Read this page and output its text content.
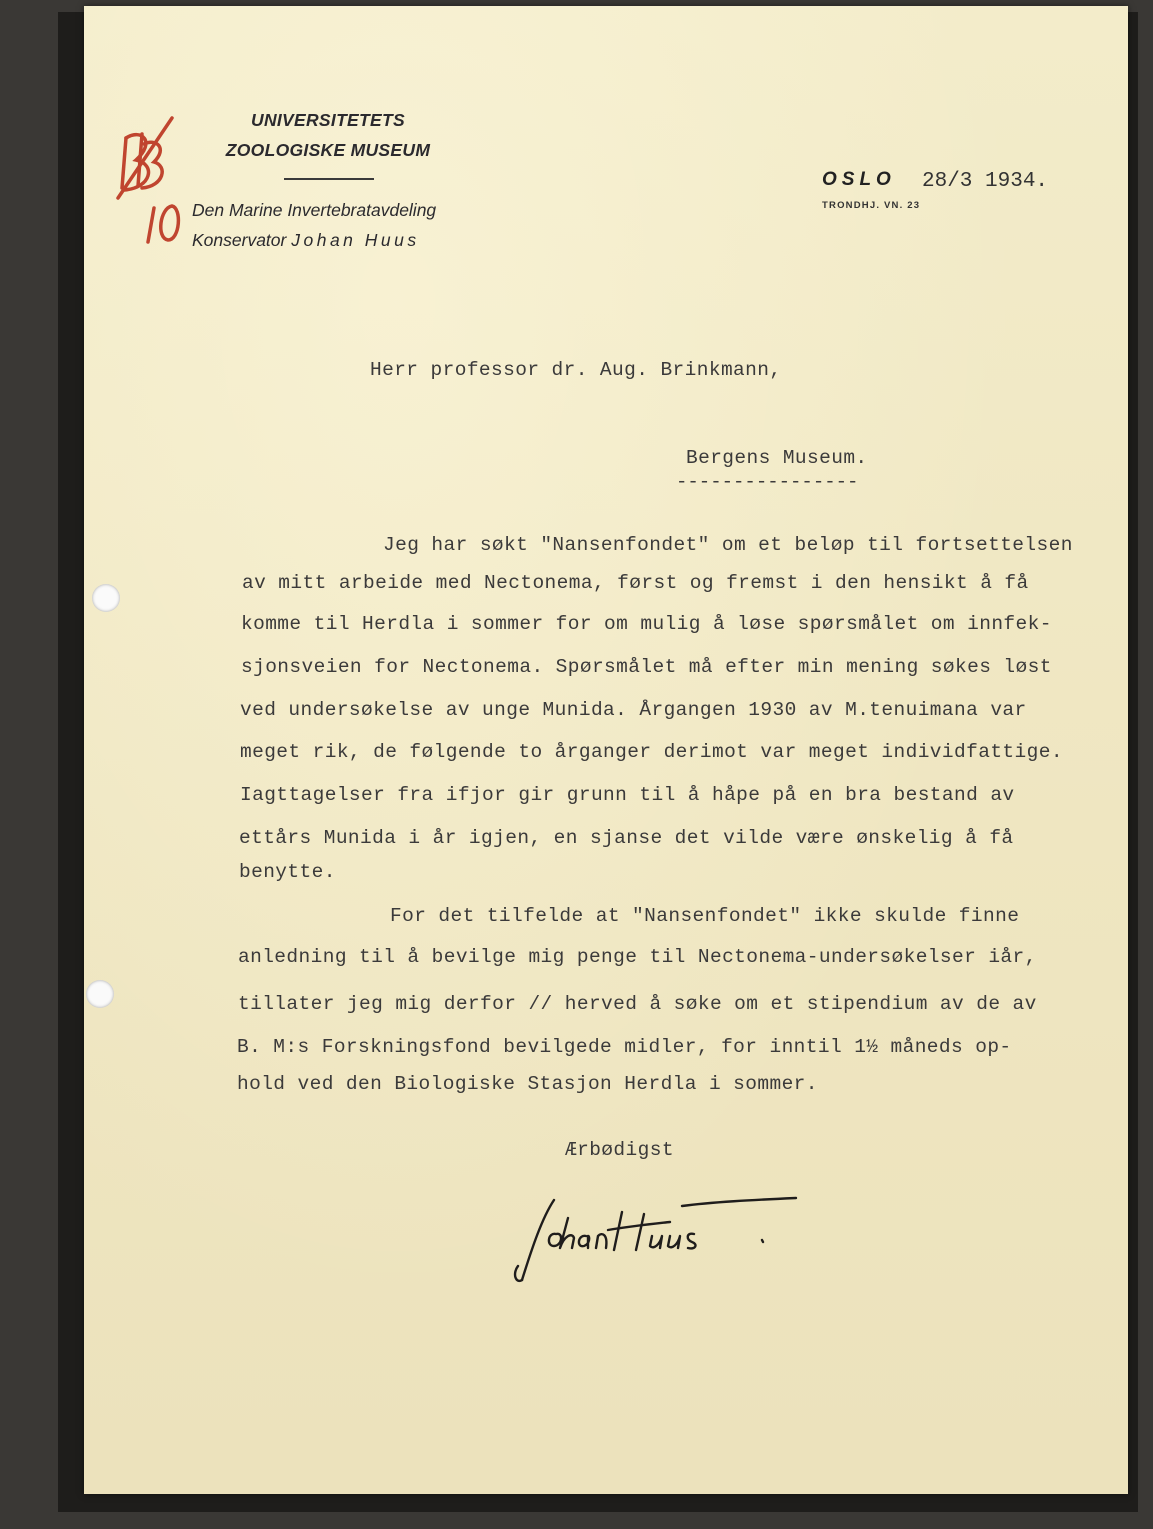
UNIVERSITETETS
ZOOLOGISKE MUSEUM
Den Marine Invertebratavdeling
Konservator Johan Huus
OSLO 28/3 1934.
TRONDHJ. VN. 23
Herr professor dr. Aug. Brinkmann,
Bergens Museum.
----------------
Jeg har søkt "Nansenfondet" om et beløp til fortsettelsen
av mitt arbeide med Nectonema, først og fremst i den hensikt å få
komme til Herdla i sommer for om mulig å løse spørsmålet om innfek-
sjonsveien for Nectonema. Spørsmålet må efter min mening søkes løst
ved undersøkelse av unge Munida. Årgangen 1930 av M.tenuimana var
meget rik, de følgende to årganger derimot var meget individfattige.
Iagttagelser fra ifjor gir grunn til å håpe på en bra bestand av
ettårs Munida i år igjen, en sjanse det vilde være ønskelig å få
benytte.
For det tilfelde at "Nansenfondet" ikke skulde finne
anledning til å bevilge mig penge til Nectonema-undersøkelser iår,
tillater jeg mig derfor // herved å søke om et stipendium av de av
B. M:s Forskningsfond bevilgede midler, for inntil 1½ måneds op-
hold ved den Biologiske Stasjon Herdla i sommer.
Ærbødigst
